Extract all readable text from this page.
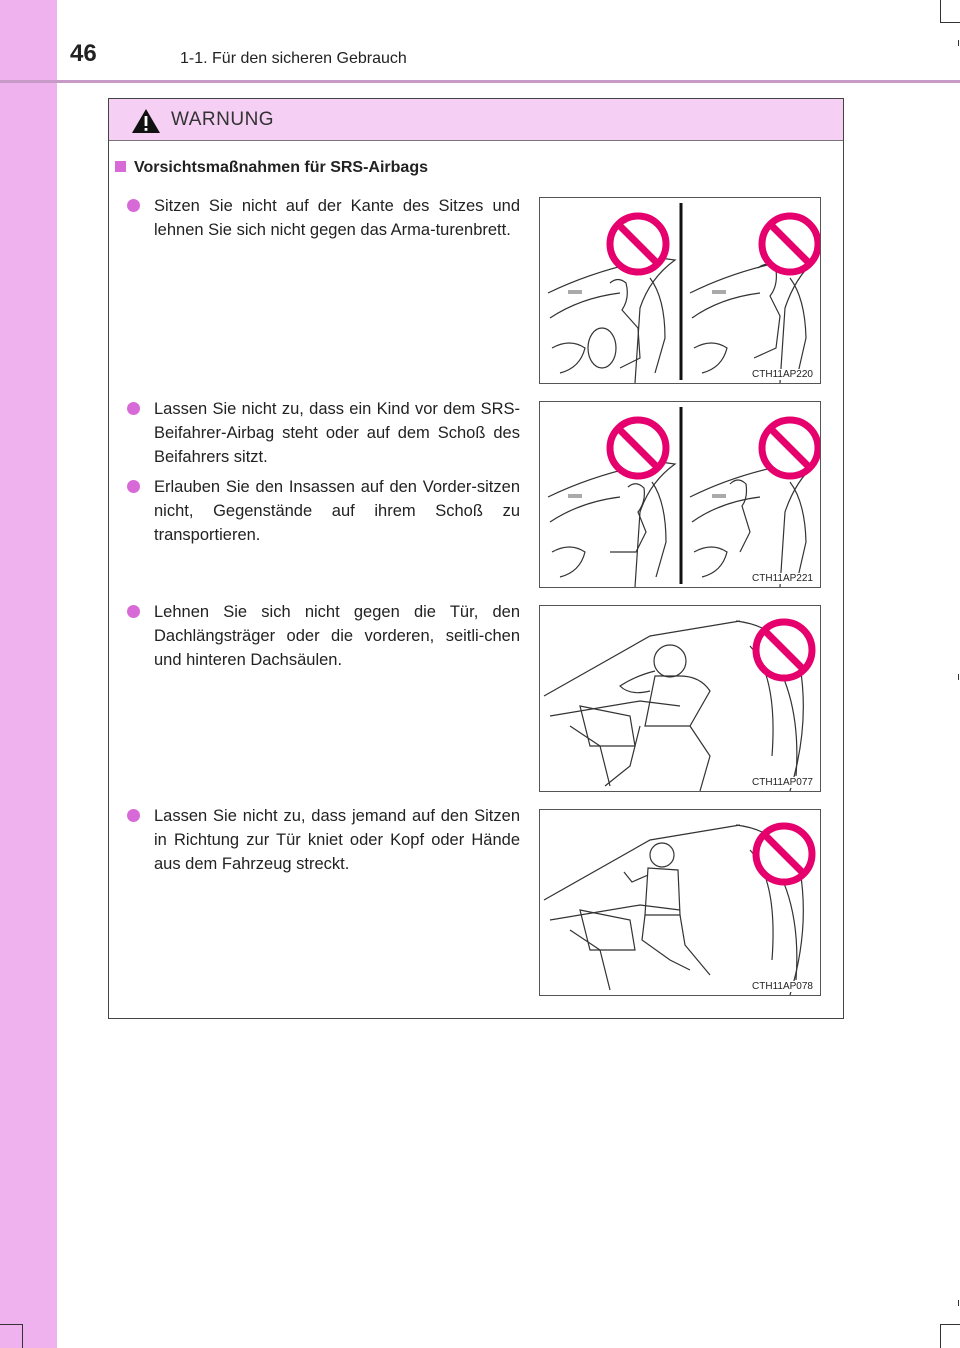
46	1-1. Für den sicheren Gebrauch
WARNUNG
Vorsichtsmaßnahmen für SRS-Airbags
Sitzen Sie nicht auf der Kante des Sitzes und lehnen Sie sich nicht gegen das Arma-turenbrett.
Lassen Sie nicht zu, dass ein Kind vor dem SRS-Beifahrer-Airbag steht oder auf dem Schoß des Beifahrers sitzt.
Erlauben Sie den Insassen auf den Vorder-sitzen nicht, Gegenstände auf ihrem Schoß zu transportieren.
Lehnen Sie sich nicht gegen die Tür, den Dachlängsträger oder die vorderen, seitli-chen und hinteren Dachsäulen.
Lassen Sie nicht zu, dass jemand auf den Sitzen in Richtung zur Tür kniet oder Kopf oder Hände aus dem Fahrzeug streckt.
CTH11AP220
CTH11AP221
CTH11AP077
CTH11AP078
